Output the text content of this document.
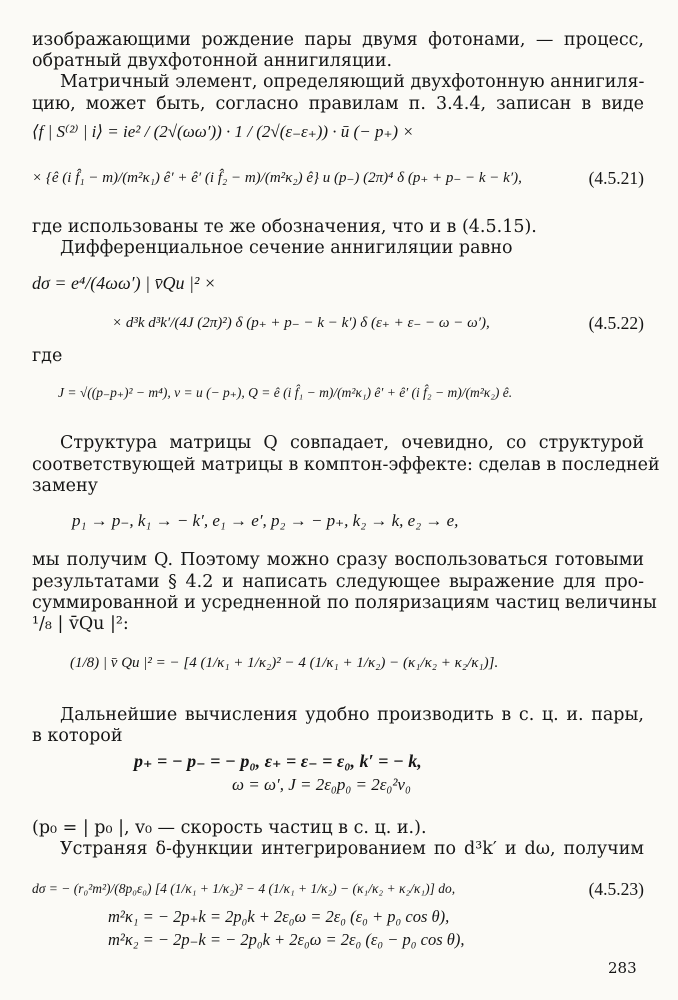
изображающими рождение пары двумя фотонами, — процесс,
обратный двухфотонной аннигиляции.
Матричный элемент, определяющий двухфотонную аннигиля-
цию, может быть, согласно правилам п. 3.4.4, записан в виде
⟨f | S⁽²⁾ | i⟩ = ie² / (2√(ωω′)) · 1 / (2√(ε₋ε₊)) · ū (− p₊) ×
× {ê (i f̂₁ − m)/(m²κ₁) ê′ + ê′ (i f̂₂ − m)/(m²κ₂) ê} u (p₋) (2π)⁴ δ (p₊ + p₋ − k − k′),	(4.5.21)
где использованы те же обозначения, что и в (4.5.15).
Дифференциальное сечение аннигиляции равно
dσ = e⁴/(4ωω′) | v̄Qu |² ×
× d³k d³k′/(4J (2π)²) δ (p₊ + p₋ − k − k′) δ (ε₊ + ε₋ − ω − ω′),	(4.5.22)
где
J = √((p₋p₊)² − m⁴), v = u (− p₊), Q = ê (i f̂₁ − m)/(m²κ₁) ê′ + ê′ (i f̂₂ − m)/(m²κ₂) ê.
Структура матрицы Q совпадает, очевидно, со структурой
соответствующей матрицы в комптон-эффекте: сделав в последней
замену
p₁ → p₋, k₁ → − k′, e₁ → e′, p₂ → − p₊, k₂ → k, e₂ → e,
мы получим Q. Поэтому можно сразу воспользоваться готовыми
результатами § 4.2 и написать следующее выражение для про-
суммированной и усредненной по поляризациям частиц величины
¹/₈ | v̄Qu |²:
(1/8) | v̄ Qu |² = − [4 (1/κ₁ + 1/κ₂)² − 4 (1/κ₁ + 1/κ₂) − (κ₁/κ₂ + κ₂/κ₁)].
Дальнейшие вычисления удобно производить в с. ц. и. пары,
в которой
p₊ = − p₋ = − p₀, ε₊ = ε₋ = ε₀, k′ = − k,
ω = ω′, J = 2ε₀p₀ = 2ε₀²v₀
(p₀ = | p₀ |, v₀ — скорость частиц в с. ц. и.).
Устраняя δ-функции интегрированием по d³k′ и dω, получим
dσ = − (r₀²m²)/(8p₀ε₀) [4 (1/κ₁ + 1/κ₂)² − 4 (1/κ₁ + 1/κ₂) − (κ₁/κ₂ + κ₂/κ₁)] do,	(4.5.23)
m²κ₁ = − 2p₊k = 2p₀k + 2ε₀ω = 2ε₀ (ε₀ + p₀ cos θ),
m²κ₂ = − 2p₋k = − 2p₀k + 2ε₀ω = 2ε₀ (ε₀ − p₀ cos θ),
283
